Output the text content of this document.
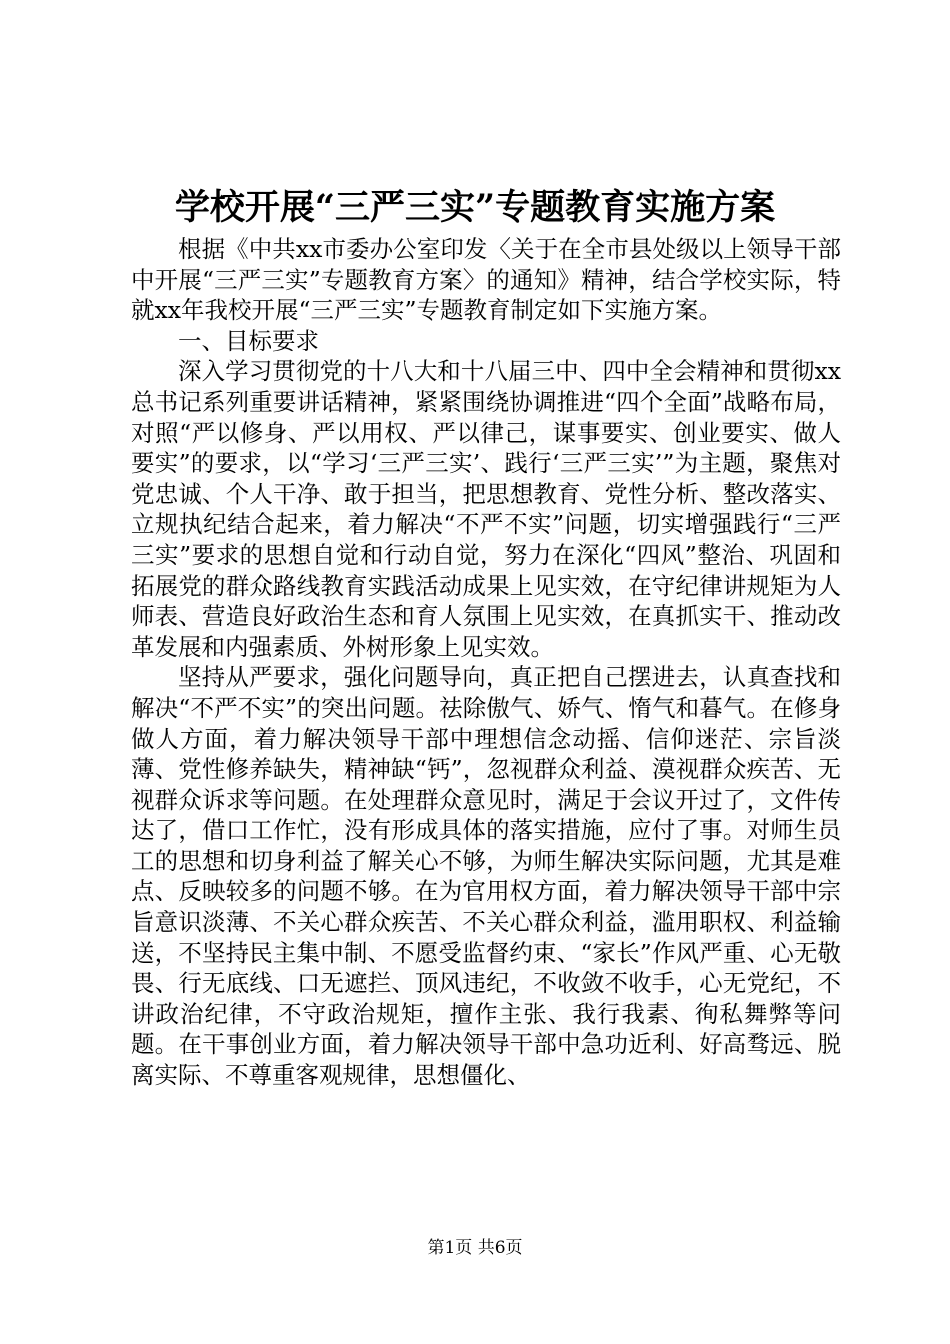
学校开展“三严三实”专题教育实施方案

根据《中共xx市委办公室印发〈关于在全市县处级以上领导干部中开展“三严三实”专题教育方案〉的通知》精神，结合学校实际，特就xx年我校开展“三严三实”专题教育制定如下实施方案。

一、目标要求

深入学习贯彻党的十八大和十八届三中、四中全会精神和贯彻xx总书记系列重要讲话精神，紧紧围绕协调推进“四个全面”战略布局，对照“严以修身、严以用权、严以律己，谋事要实、创业要实、做人要实”的要求，以“学习‘三严三实’、践行‘三严三实’”为主题，聚焦对党忠诚、个人干净、敢于担当，把思想教育、党性分析、整改落实、立规执纪结合起来，着力解决“不严不实”问题，切实增强践行“三严三实”要求的思想自觉和行动自觉，努力在深化“四风”整治、巩固和拓展党的群众路线教育实践活动成果上见实效，在守纪律讲规矩为人师表、营造良好政治生态和育人氛围上见实效，在真抓实干、推动改革发展和内强素质、外树形象上见实效。

坚持从严要求，强化问题导向，真正把自己摆进去，认真查找和解决“不严不实”的突出问题。祛除傲气、娇气、惰气和暮气。在修身做人方面，着力解决领导干部中理想信念动摇、信仰迷茫、宗旨淡薄、党性修养缺失，精神缺“钙”，忽视群众利益、漠视群众疾苦、无视群众诉求等问题。在处理群众意见时，满足于会议开过了，文件传达了，借口工作忙，没有形成具体的落实措施，应付了事。对师生员工的思想和切身利益了解关心不够，为师生解决实际问题，尤其是难点、反映较多的问题不够。在为官用权方面，着力解决领导干部中宗旨意识淡薄、不关心群众疾苦、不关心群众利益，滥用职权、利益输送，不坚持民主集中制、不愿受监督约束、“家长”作风严重、心无敬畏、行无底线、口无遮拦、顶风违纪，不收敛不收手，心无党纪，不讲政治纪律，不守政治规矩，擅作主张、我行我素、徇私舞弊等问题。在干事创业方面，着力解决领导干部中急功近利、好高骛远、脱离实际、不尊重客观规律，思想僵化、

第1页 共6页
